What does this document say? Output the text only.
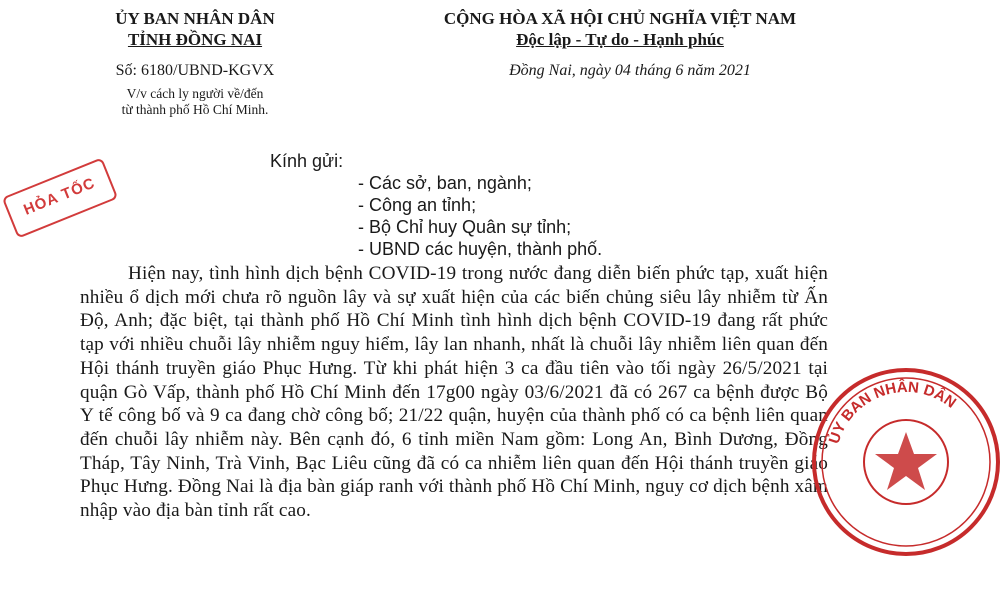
ỦY BAN NHÂN DÂN
TỈNH ĐỒNG NAI
CỘNG HÒA XÃ HỘI CHỦ NGHĨA VIỆT NAM
Độc lập - Tự do - Hạnh phúc
Số: 6180/UBND-KGVX	Đồng Nai, ngày 04 tháng 6 năm 2021
V/v cách ly người về/đến
từ thành phố Hồ Chí Minh.
HỎA TỐC
Kính gửi:
- Các sở, ban, ngành;
- Công an tỉnh;
- Bộ Chỉ huy Quân sự tỉnh;
- UBND các huyện, thành phố.
Hiện nay, tình hình dịch bệnh COVID-19 trong nước đang diễn biến phức tạp, xuất hiện nhiều ổ dịch mới chưa rõ nguồn lây và sự xuất hiện của các biến chủng siêu lây nhiễm từ Ấn Độ, Anh; đặc biệt, tại thành phố Hồ Chí Minh tình hình dịch bệnh COVID-19 đang rất phức tạp với nhiều chuỗi lây nhiễm nguy hiểm, lây lan nhanh, nhất là chuỗi lây nhiễm liên quan đến Hội thánh truyền giáo Phục Hưng. Từ khi phát hiện 3 ca đầu tiên vào tối ngày 26/5/2021 tại quận Gò Vấp, thành phố Hồ Chí Minh đến 17g00 ngày 03/6/2021 đã có 267 ca bệnh được Bộ Y tế công bố và 9 ca đang chờ công bố; 21/22 quận, huyện của thành phố có ca bệnh liên quan đến chuỗi lây nhiễm này. Bên cạnh đó, 6 tỉnh miền Nam gồm: Long An, Bình Dương, Đồng Tháp, Tây Ninh, Trà Vinh, Bạc Liêu cũng đã có ca nhiễm liên quan đến Hội thánh truyền giáo Phục Hưng. Đồng Nai là địa bàn giáp ranh với thành phố Hồ Chí Minh, nguy cơ dịch bệnh xâm nhập vào địa bàn tỉnh rất cao.
ỦY BAN NHÂN DÂN
